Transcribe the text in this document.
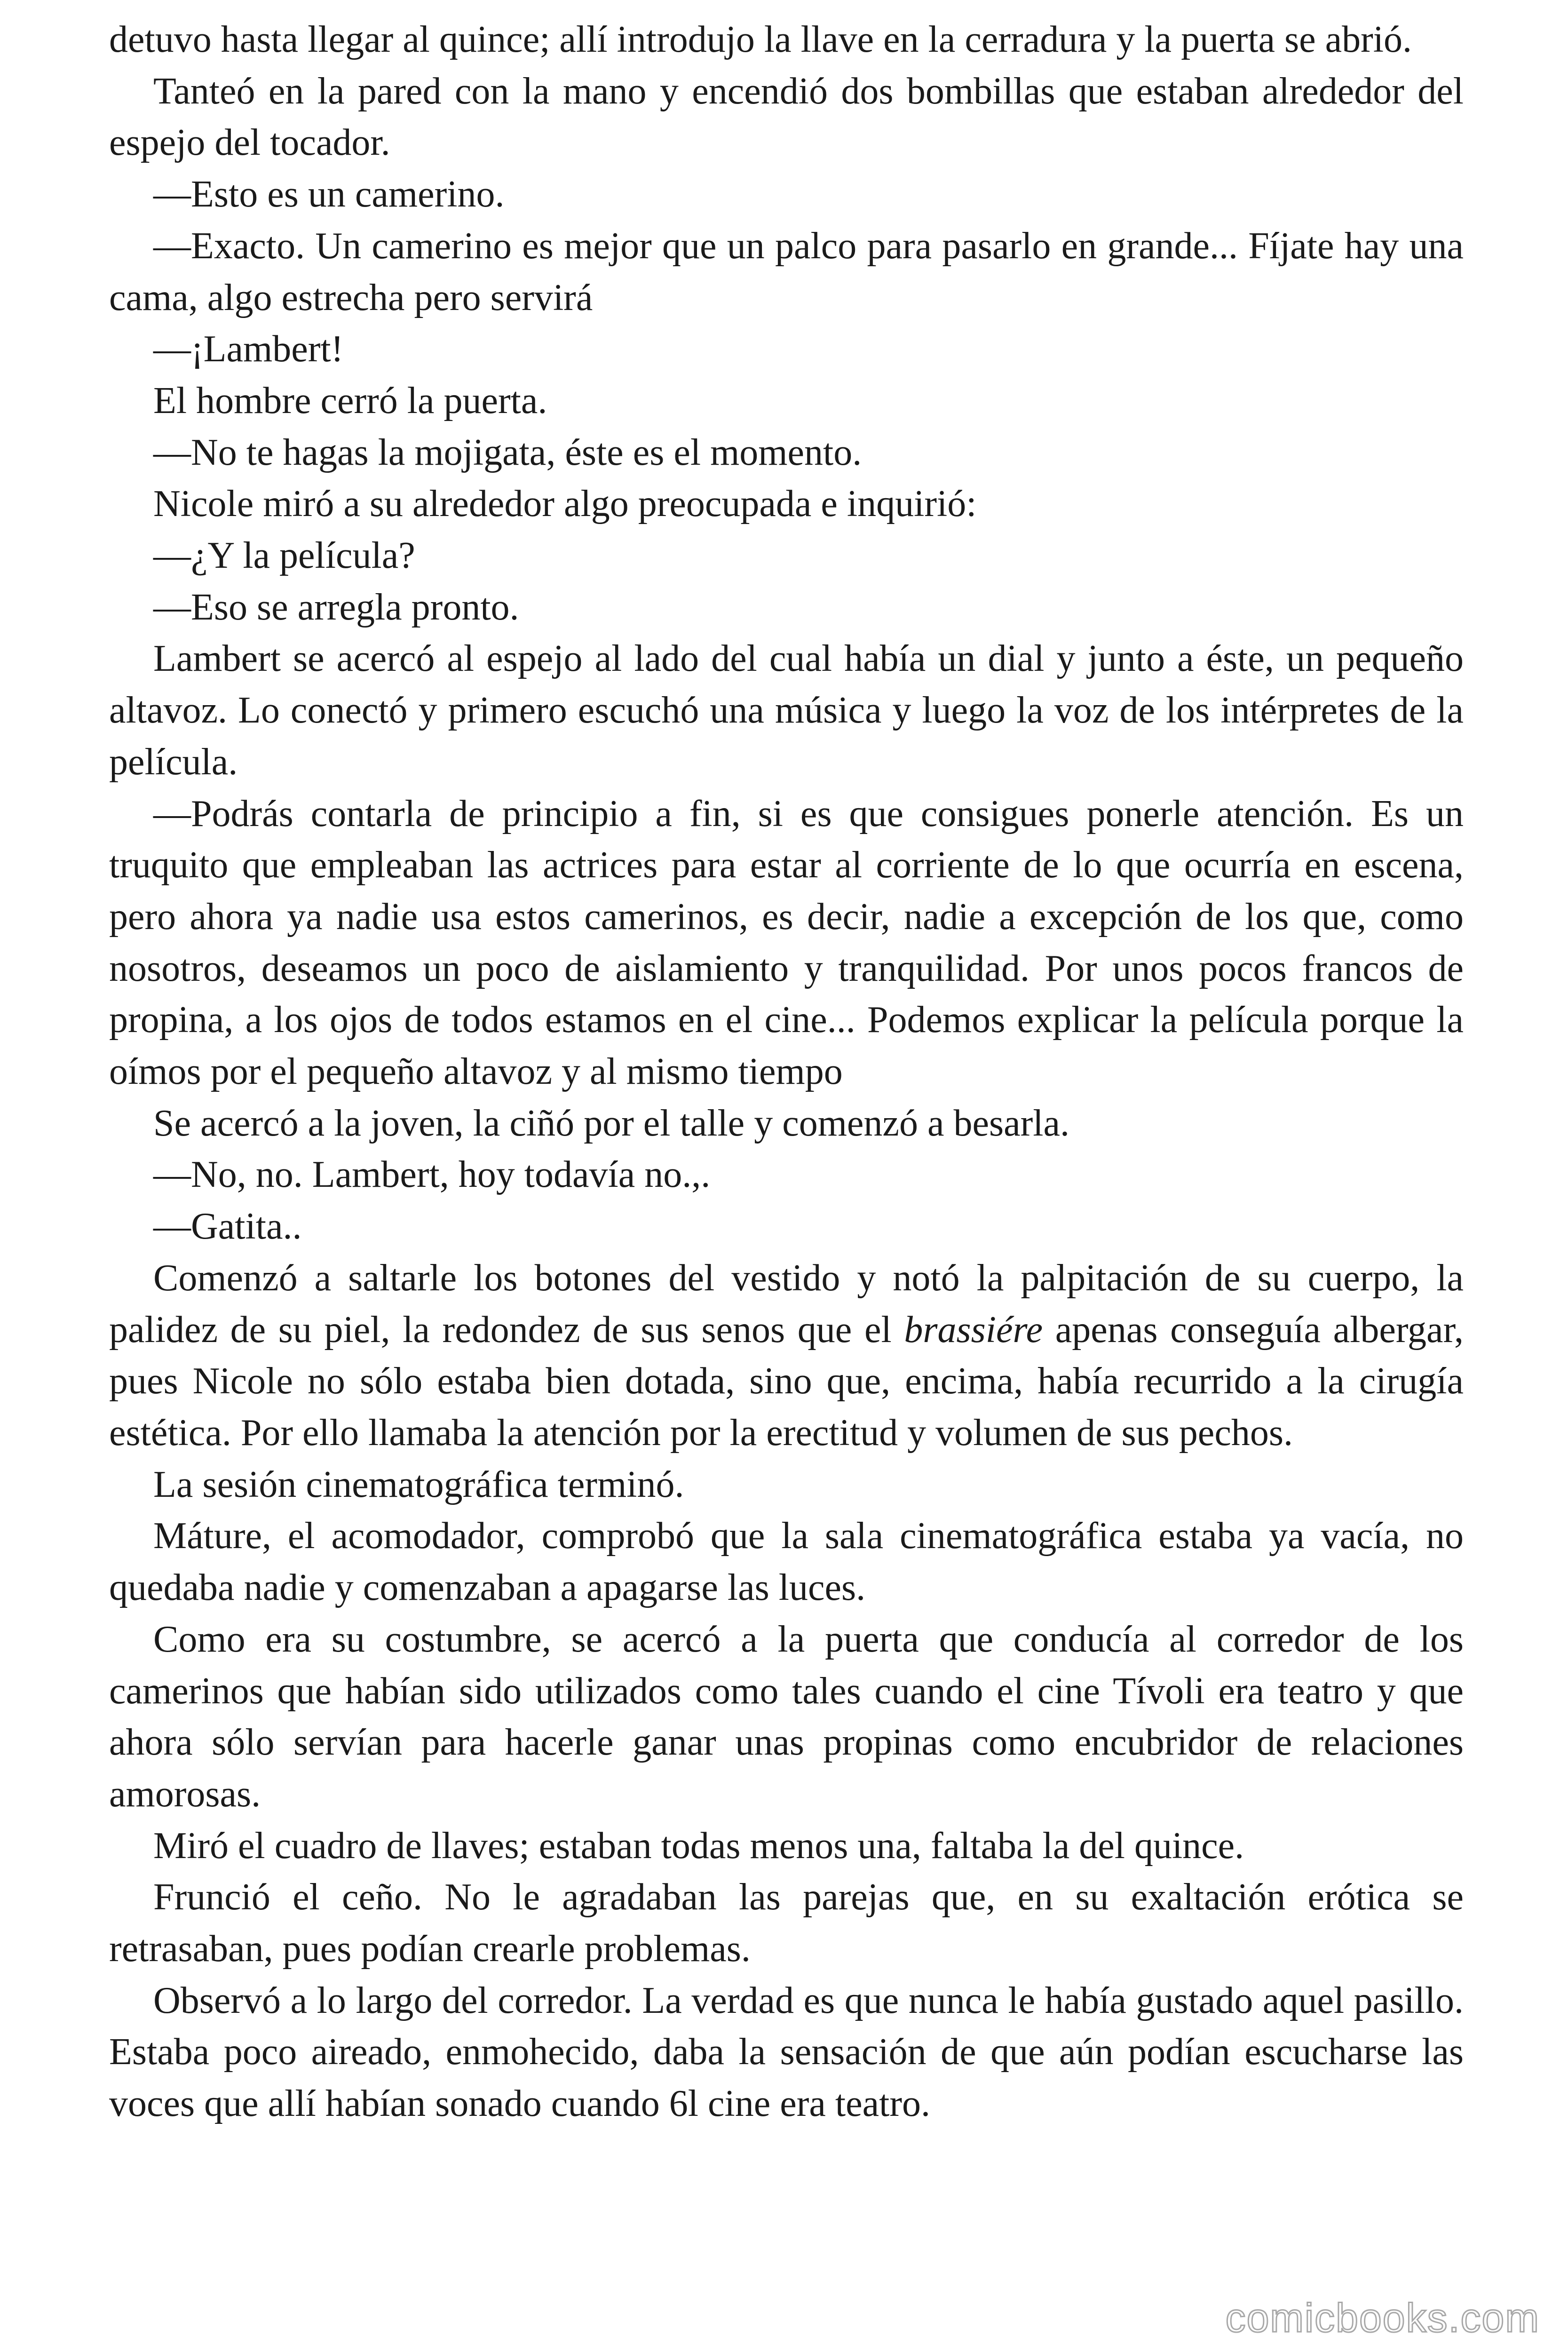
detuvo hasta llegar al quince; allí introdujo la llave en la cerradura y la puerta se abrió.

Tanteó en la pared con la mano y encendió dos bombillas que estaban alrededor del espejo del tocador.

—Esto es un camerino.

—Exacto. Un camerino es mejor que un palco para pasarlo en grande... Fíjate hay una cama, algo estrecha pero servirá

—¡Lambert!

El hombre cerró la puerta.

—No te hagas la mojigata, éste es el momento.

Nicole miró a su alrededor algo preocupada e inquirió:

—¿Y la película?

—Eso se arregla pronto.

Lambert se acercó al espejo al lado del cual había un dial y junto a éste, un pequeño altavoz. Lo conectó y primero escuchó una música y luego la voz de los intérpretes de la película.

—Podrás contarla de principio a fin, si es que consigues ponerle atención. Es un truquito que empleaban las actrices para estar al corriente de lo que ocurría en escena, pero ahora ya nadie usa estos camerinos, es decir, nadie a excepción de los que, como nosotros, deseamos un poco de aislamiento y tranquilidad. Por unos pocos francos de propina, a los ojos de todos estamos en el cine... Podemos explicar la película porque la oímos por el pequeño altavoz y al mismo tiempo

Se acercó a la joven, la ciñó por el talle y comenzó a besarla.

—No, no. Lambert, hoy todavía no.,.

—Gatita..

Comenzó a saltarle los botones del vestido y notó la palpitación de su cuerpo, la palidez de su piel, la redondez de sus senos que el brassiére apenas conseguía albergar, pues Nicole no sólo estaba bien dotada, sino que, encima, había recurrido a la cirugía estética. Por ello llamaba la atención por la erectitud y volumen de sus pechos.

La sesión cinematográfica terminó.

Máture, el acomodador, comprobó que la sala cinematográfica estaba ya vacía, no quedaba nadie y comenzaban a apagarse las luces.

Como era su costumbre, se acercó a la puerta que conducía al corredor de los camerinos que habían sido utilizados como tales cuando el cine Tívoli era teatro y que ahora sólo servían para hacerle ganar unas propinas como encubridor de relaciones amorosas.

Miró el cuadro de llaves; estaban todas menos una, faltaba la del quince.

Frunció el ceño. No le agradaban las parejas que, en su exaltación erótica se retrasaban, pues podían crearle problemas.

Observó a lo largo del corredor. La verdad es que nunca le había gustado aquel pasillo. Estaba poco aireado, enmohecido, daba la sensación de que aún podían escucharse las voces que allí habían sonado cuando 6l cine era teatro.

comicbooks.com
